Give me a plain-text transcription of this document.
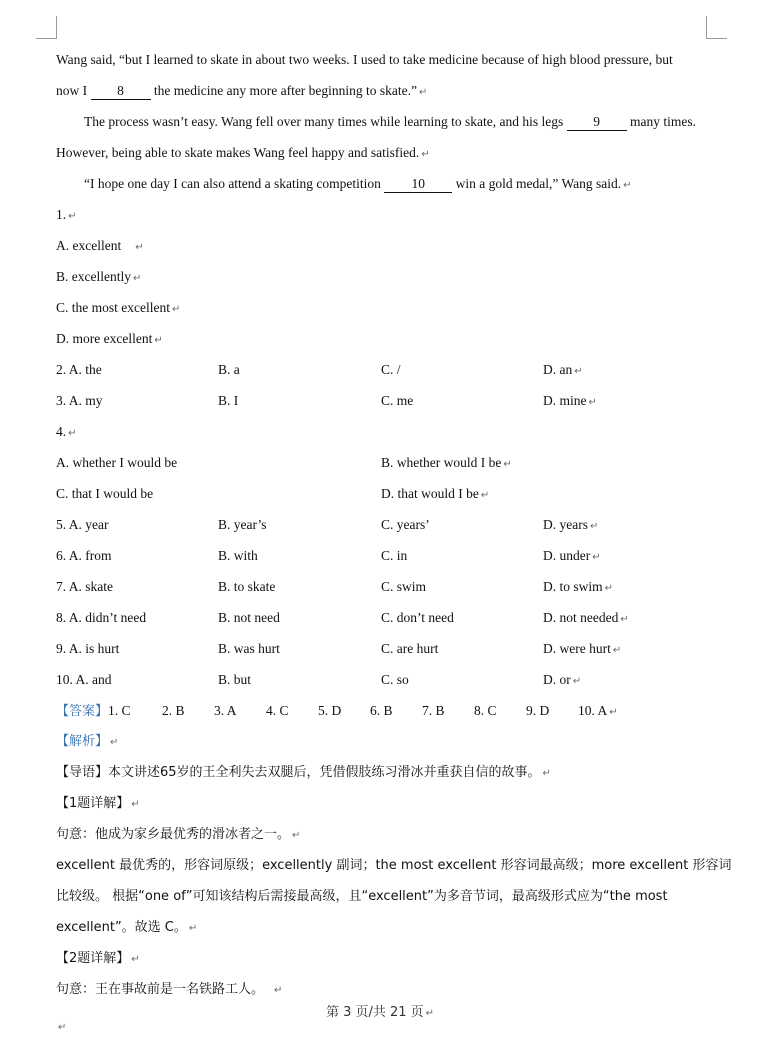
Wang said, “but I learned to skate in about two weeks. I used to take medicine because of high blood pressure, but
now I 8 the medicine any more after beginning to skate.” ↵
The process wasn’t easy. Wang fell over many times while learning to skate, and his legs 9 many times.
However, being able to skate makes Wang feel happy and satisfied. ↵
“I hope one day I can also attend a skating competition 10 win a gold medal,” Wang said. ↵
1. ↵
A. excellent ↵
B. excellently ↵
C. the most excellent ↵
D. more excellent ↵
2. A. the	B. a	C. /	D. an ↵
3. A. my	B. I	C. me	D. mine ↵
4. ↵
A. whether I would be	B. whether would I be ↵
C. that I would be	D. that would I be ↵
5. A. year	B. year’s	C. years’	D. years ↵
6. A. from	B. with	C. in	D. under ↵
7. A. skate	B. to skate	C. swim	D. to swim ↵
8. A. didn’t need	B. not need	C. don’t need	D. not needed ↵
9. A. is hurt	B. was hurt	C. are hurt	D. were hurt ↵
10. A. and	B. but	C. so	D. or ↵
【答案】1. C 2. B 3. A 4. C 5. D 6. B 7. B 8. C 9. D 10. A ↵
【解析】 ↵
【导语】本文讲述65岁的王全利失去双腿后，凭借假肢练习滑冰并重获自信的故事。 ↵
【1题详解】 ↵
句意：他成为家乡最优秀的滑冰者之一。 ↵
excellent 最优秀的，形容词原级；excellently 副词；the most excellent 形容词最高级；more excellent 形容词
比较级。 根据“one of”可知该结构后需接最高级，且“excellent”为多音节词，最高级形式应为“the most
excellent”。故选 C。 ↵
【2题详解】 ↵
句意：王在事故前是一名铁路工人。 ↵
第 3 页/共 21 页 ↵
↵
